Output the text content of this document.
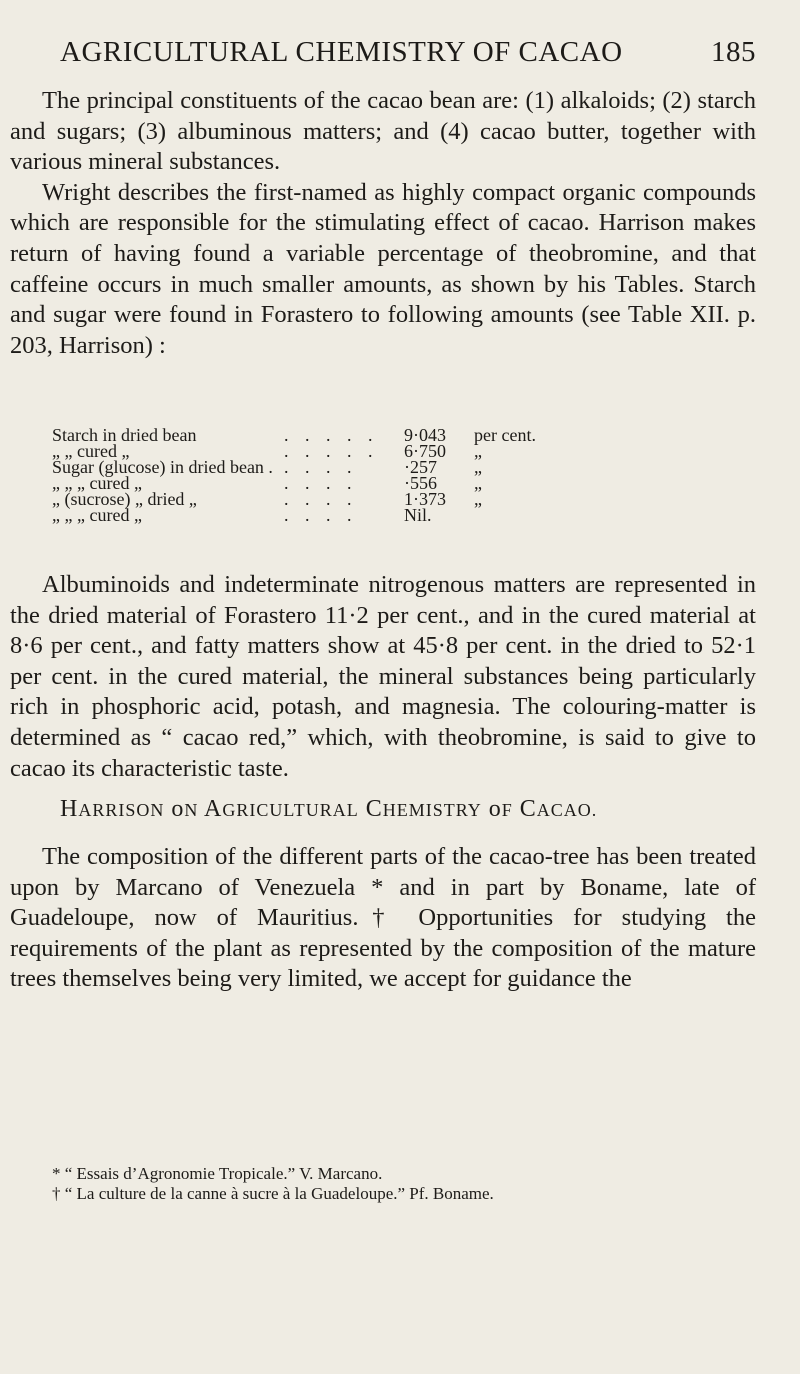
AGRICULTURAL CHEMISTRY OF CACAO	185

The principal constituents of the cacao bean are: (1) alkaloids; (2) starch and sugars; (3) albuminous matters; and (4) cacao butter, together with various mineral substances.

Wright describes the first-named as highly compact organic compounds which are responsible for the stimulating effect of cacao. Harrison makes return of having found a variable percentage of theobromine, and that caffeine occurs in much smaller amounts, as shown by his Tables. Starch and sugar were found in Forastero to following amounts (see Table XII. p. 203, Harrison) :

Starch in dried bean	. . . . .	9·043	per cent.
„ „ cured „	. . . . .	6·750	„
Sugar (glucose) in dried bean .	. . . .	·257	„
„ „ „ cured „	. . . .	·556	„
„ (sucrose) „ dried „	. . . .	1·373	„
„ „ „ cured „	. . . .	Nil.	

Albuminoids and indeterminate nitrogenous matters are represented in the dried material of Forastero 11·2 per cent., and in the cured material at 8·6 per cent., and fatty matters show at 45·8 per cent. in the dried to 52·1 per cent. in the cured material, the mineral substances being particularly rich in phosphoric acid, potash, and magnesia. The colouring-matter is determined as “ cacao red,” which, with theobromine, is said to give to cacao its characteristic taste.

HARRISON oN AGRICULTURAL CHEMISTRY oF CACAO.

The composition of the different parts of the cacao-tree has been treated upon by Marcano of Venezuela * and in part by Boname, late of Guadeloupe, now of Mauritius.† Opportunities for studying the requirements of the plant as represented by the composition of the mature trees themselves being very limited, we accept for guidance the

* “ Essais d’Agronomie Tropicale.” V. Marcano.
† “ La culture de la canne à sucre à la Guadeloupe.” Pf. Boname.
